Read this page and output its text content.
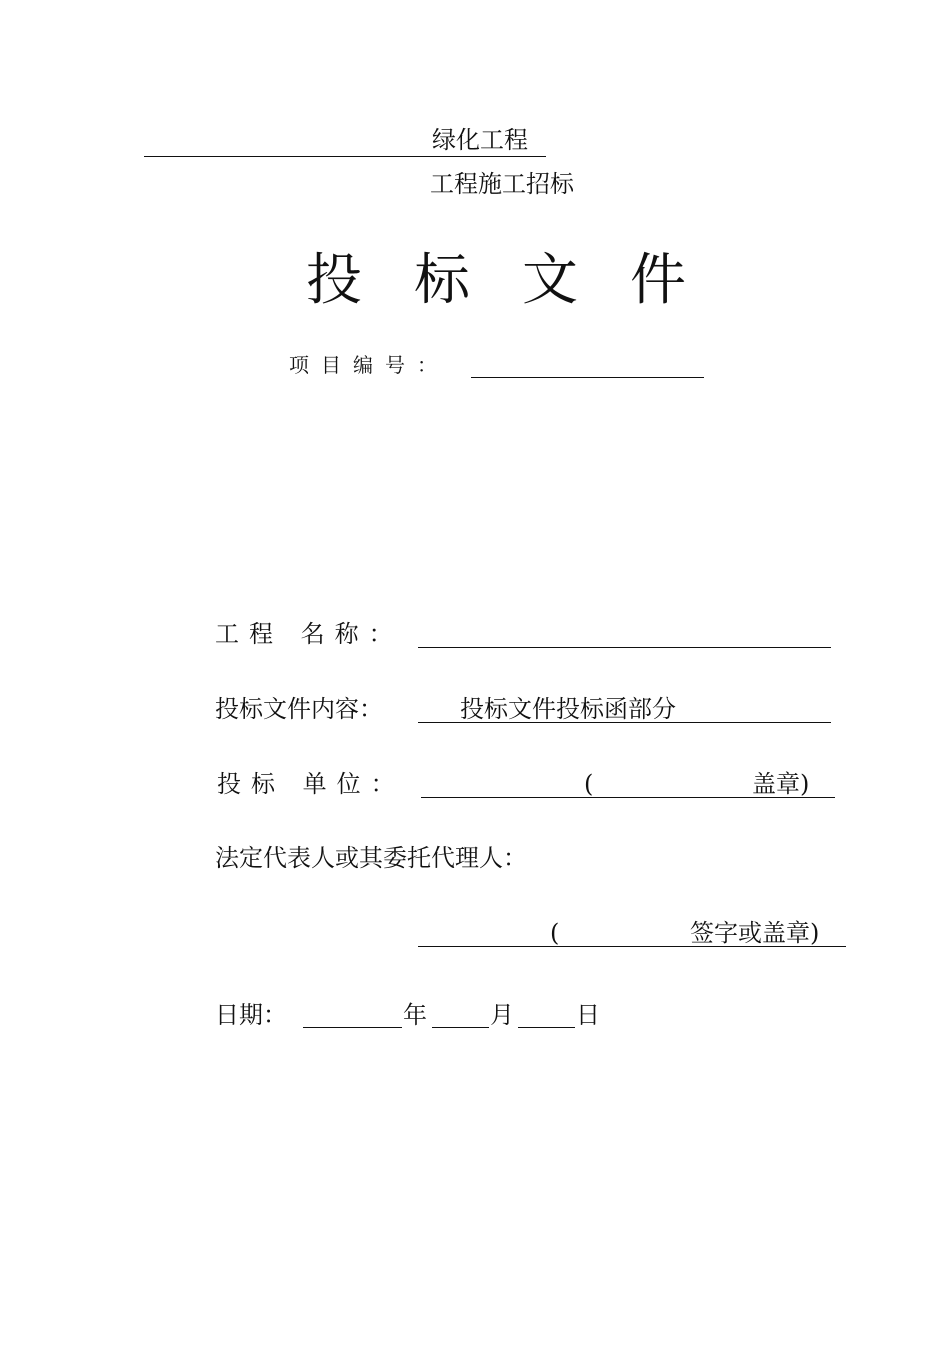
绿化工程
工程施工招标
投标文件
项目编号：
工程 名称：
投标文件内容：	投标文件投标函部分
投标 单位：	(	盖章)
法定代表人或其委托代理人：
(	签字或盖章)
日期：	年	月	日
